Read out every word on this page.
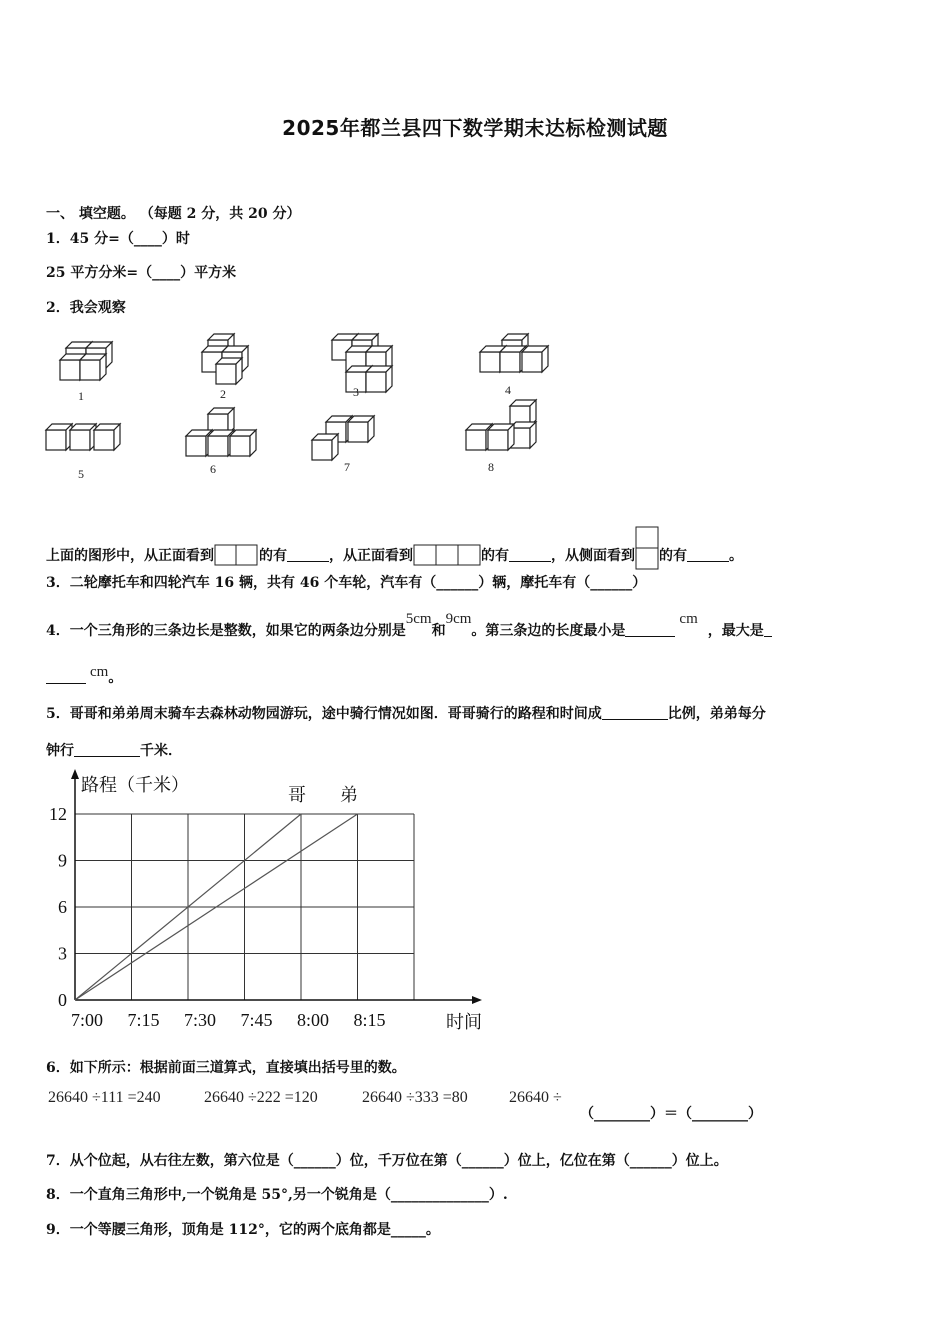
2025年都兰县四下数学期末达标检测试题
一、 填空题。 （每题 2 分，共 20 分）
1．45 分=（____）时
25 平方分米=（____）平方米
2．我会观察
1	2	3	4
5	6	7	8
上面的图形中，从正面看到	的有	，从正面看到	的有	，从侧面看到 的有	。
3．二轮摩托车和四轮汽车 16 辆，共有 46 个车轮，汽车有（______）辆，摩托车有（______）
4．一个三角形的三条边长是整数，如果它的两条边分别是5cm和9cm。第三条边的长度最小是cm，最大是
cm。
5．哥哥和弟弟周末骑车去森林动物园游玩，途中骑行情况如图．哥哥骑行的路程和时间成	比例，弟弟每分
钟行	千米．
0
3
6
9
12
7:00 7:15 7:30 7:45 8:00 8:15
路程（千米）
时间
哥 弟
6．如下所示：根据前面三道算式，直接填出括号里的数。
26640 ÷111 =240	26640 ÷222 =120	26640 ÷333 =80	26640 ÷
（________）＝（________）
7．从个位起，从右往左数，第六位是（______）位，千万位在第（______）位上，亿位在第（______）位上。
8．一个直角三角形中,一个锐角是 55°,另一个锐角是（______________）.
9．一个等腰三角形，顶角是 112°，它的两个底角都是_____。
